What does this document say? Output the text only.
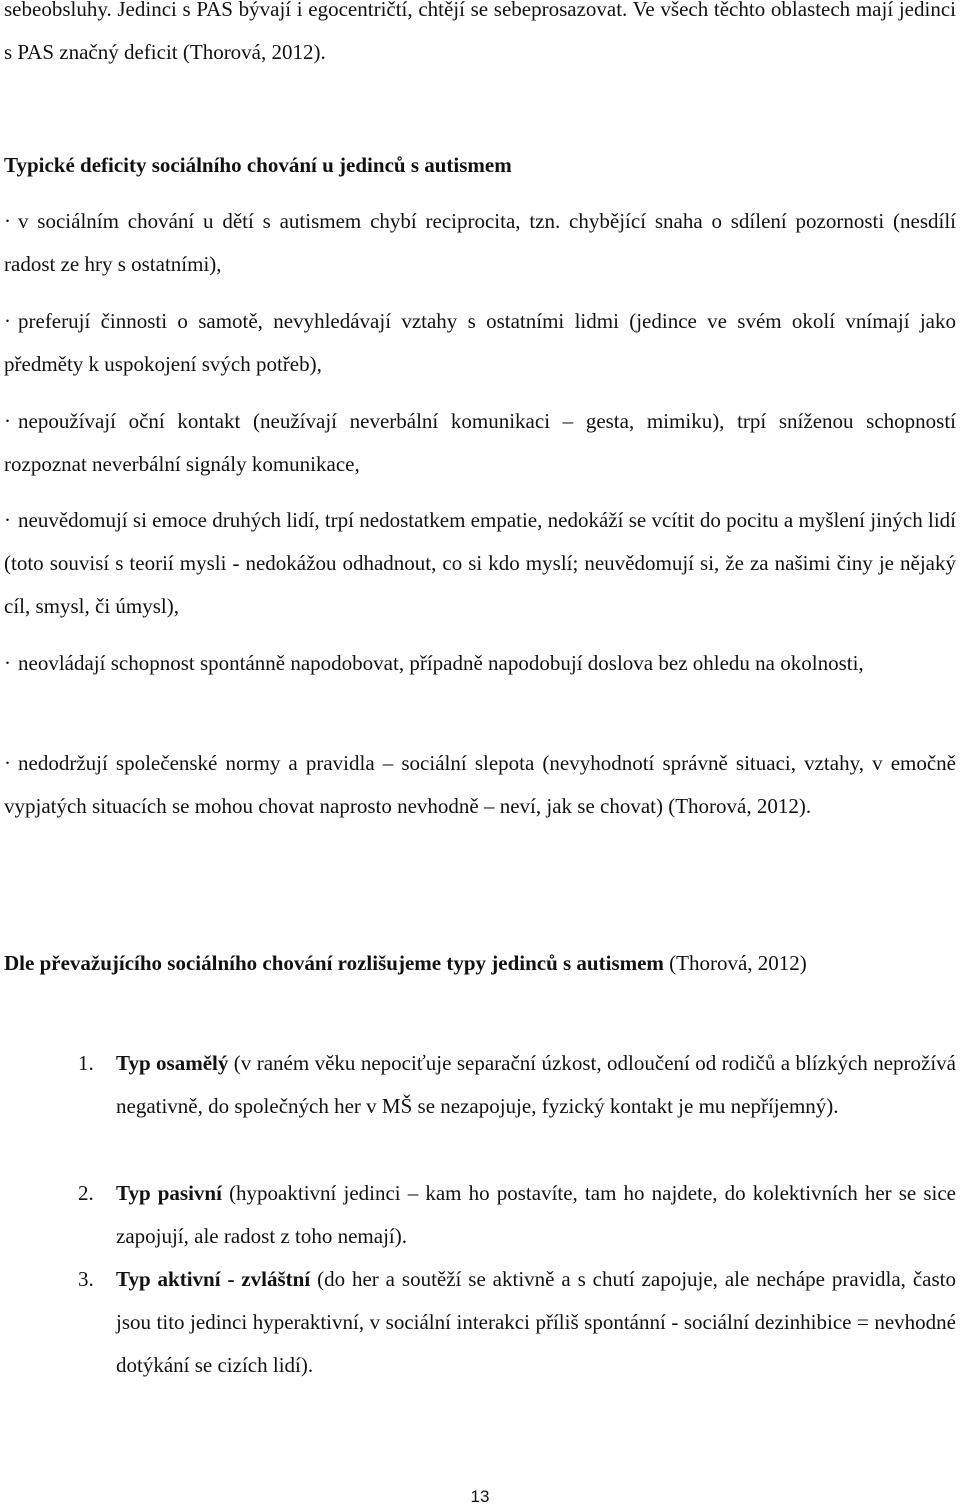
sebeobsluhy. Jedinci s PAS bývají i egocentričtí, chtějí se sebeprosazovat. Ve všech těchto oblastech mají jedinci s PAS značný deficit (Thorová, 2012).
Typické deficity sociálního chování u jedinců s autismem
· v sociálním chování u dětí s autismem chybí reciprocita, tzn. chybějící snaha o sdílení pozornosti (nesdílí radost ze hry s ostatními),
· preferují činnosti o samotě, nevyhledávají vztahy s ostatními lidmi (jedince ve svém okolí vnímají jako předměty k uspokojení svých potřeb),
· nepoužívají oční kontakt (neužívají neverbální komunikaci – gesta, mimiku), trpí sníženou schopností rozpoznat neverbální signály komunikace,
· neuvědomují si emoce druhých lidí, trpí nedostatkem empatie, nedokáží se vcítit do pocitu a myšlení jiných lidí (toto souvisí s teorií mysli - nedokážou odhadnout, co si kdo myslí; neuvědomují si, že za našimi činy je nějaký cíl, smysl, či úmysl),
· neovládají schopnost spontánně napodobovat, případně napodobují doslova bez ohledu na okolnosti,
· nedodržují společenské normy a pravidla – sociální slepota (nevyhodnotí správně situaci, vztahy, v emočně vypjatých situacích se mohou chovat naprosto nevhodně – neví, jak se chovat) (Thorová, 2012).
Dle převažujícího sociálního chování rozlišujeme typy jedinců s autismem (Thorová, 2012)
1. Typ osamělý (v raném věku nepociťuje separační úzkost, odloučení od rodičů a blízkých neprožívá negativně, do společných her v MŠ se nezapojuje, fyzický kontakt je mu nepříjemný).
2. Typ pasivní (hypoaktivní jedinci – kam ho postavíte, tam ho najdete, do kolektivních her se sice zapojují, ale radost z toho nemají).
3. Typ aktivní - zvláštní (do her a soutěží se aktivně a s chutí zapojuje, ale nechápe pravidla, často jsou tito jedinci hyperaktivní, v sociální interakci příliš spontánní - sociální dezinhibice = nevhodné dotýkání se cizích lidí).
13
